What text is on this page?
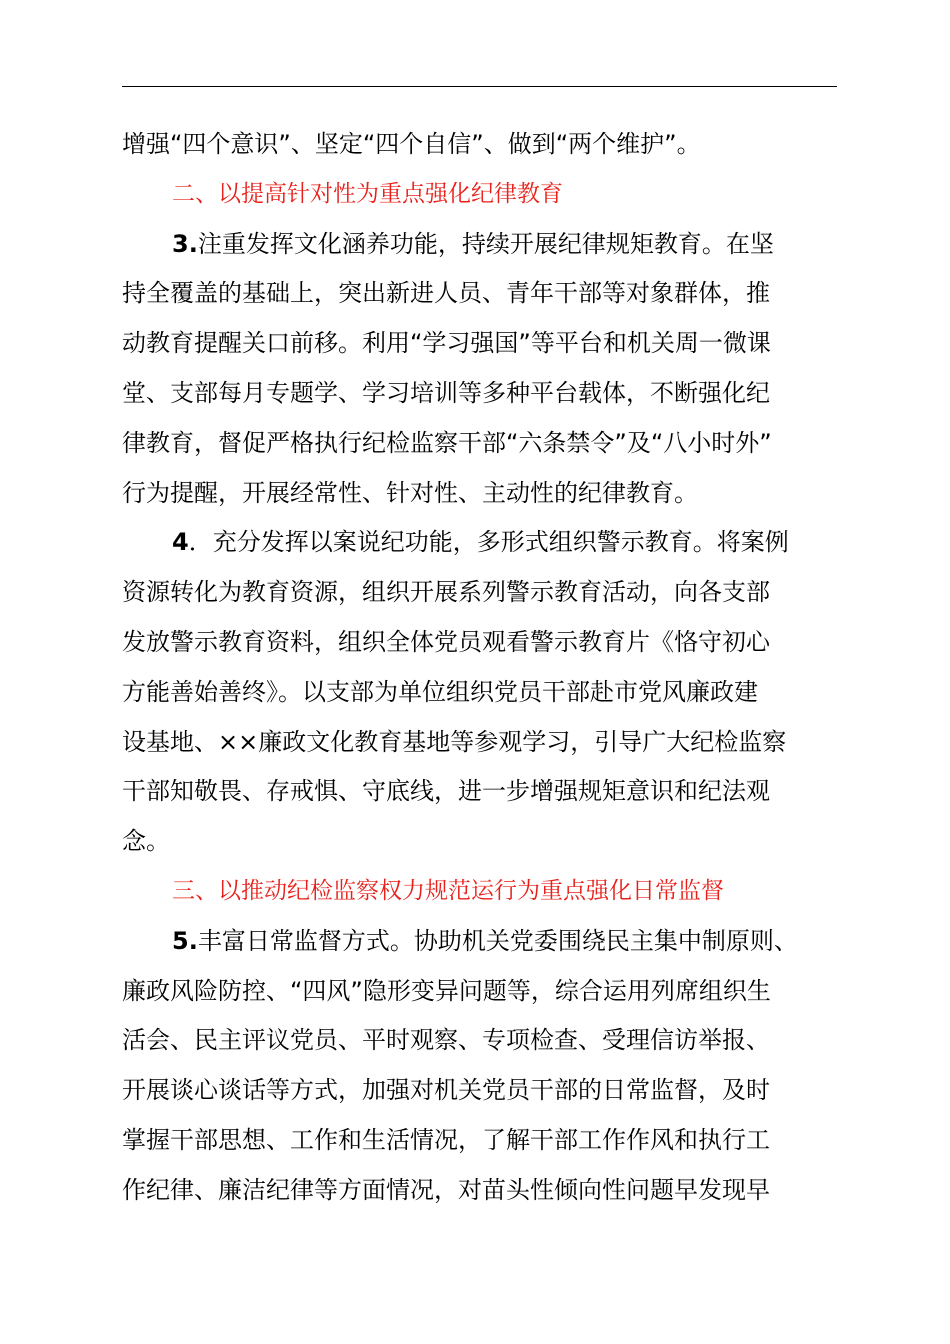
增强“四个意识”、坚定“四个自信”、做到“两个维护”。
二、以提高针对性为重点强化纪律教育
3.注重发挥文化涵养功能，持续开展纪律规矩教育。在坚
持全覆盖的基础上，突出新进人员、青年干部等对象群体，推
动教育提醒关口前移。利用“学习强国”等平台和机关周一微课
堂、支部每月专题学、学习培训等多种平台载体，不断强化纪
律教育，督促严格执行纪检监察干部“六条禁令”及“八小时外”
行为提醒，开展经常性、针对性、主动性的纪律教育。
4．充分发挥以案说纪功能，多形式组织警示教育。将案例
资源转化为教育资源，组织开展系列警示教育活动，向各支部
发放警示教育资料，组织全体党员观看警示教育片《恪守初心
方能善始善终》。以支部为单位组织党员干部赴市党风廉政建
设基地、××廉政文化教育基地等参观学习，引导广大纪检监察
干部知敬畏、存戒惧、守底线，进一步增强规矩意识和纪法观
念。
三、以推动纪检监察权力规范运行为重点强化日常监督
5.丰富日常监督方式。协助机关党委围绕民主集中制原则、
廉政风险防控、“四风”隐形变异问题等，综合运用列席组织生
活会、民主评议党员、平时观察、专项检查、受理信访举报、
开展谈心谈话等方式，加强对机关党员干部的日常监督，及时
掌握干部思想、工作和生活情况，了解干部工作作风和执行工
作纪律、廉洁纪律等方面情况，对苗头性倾向性问题早发现早
